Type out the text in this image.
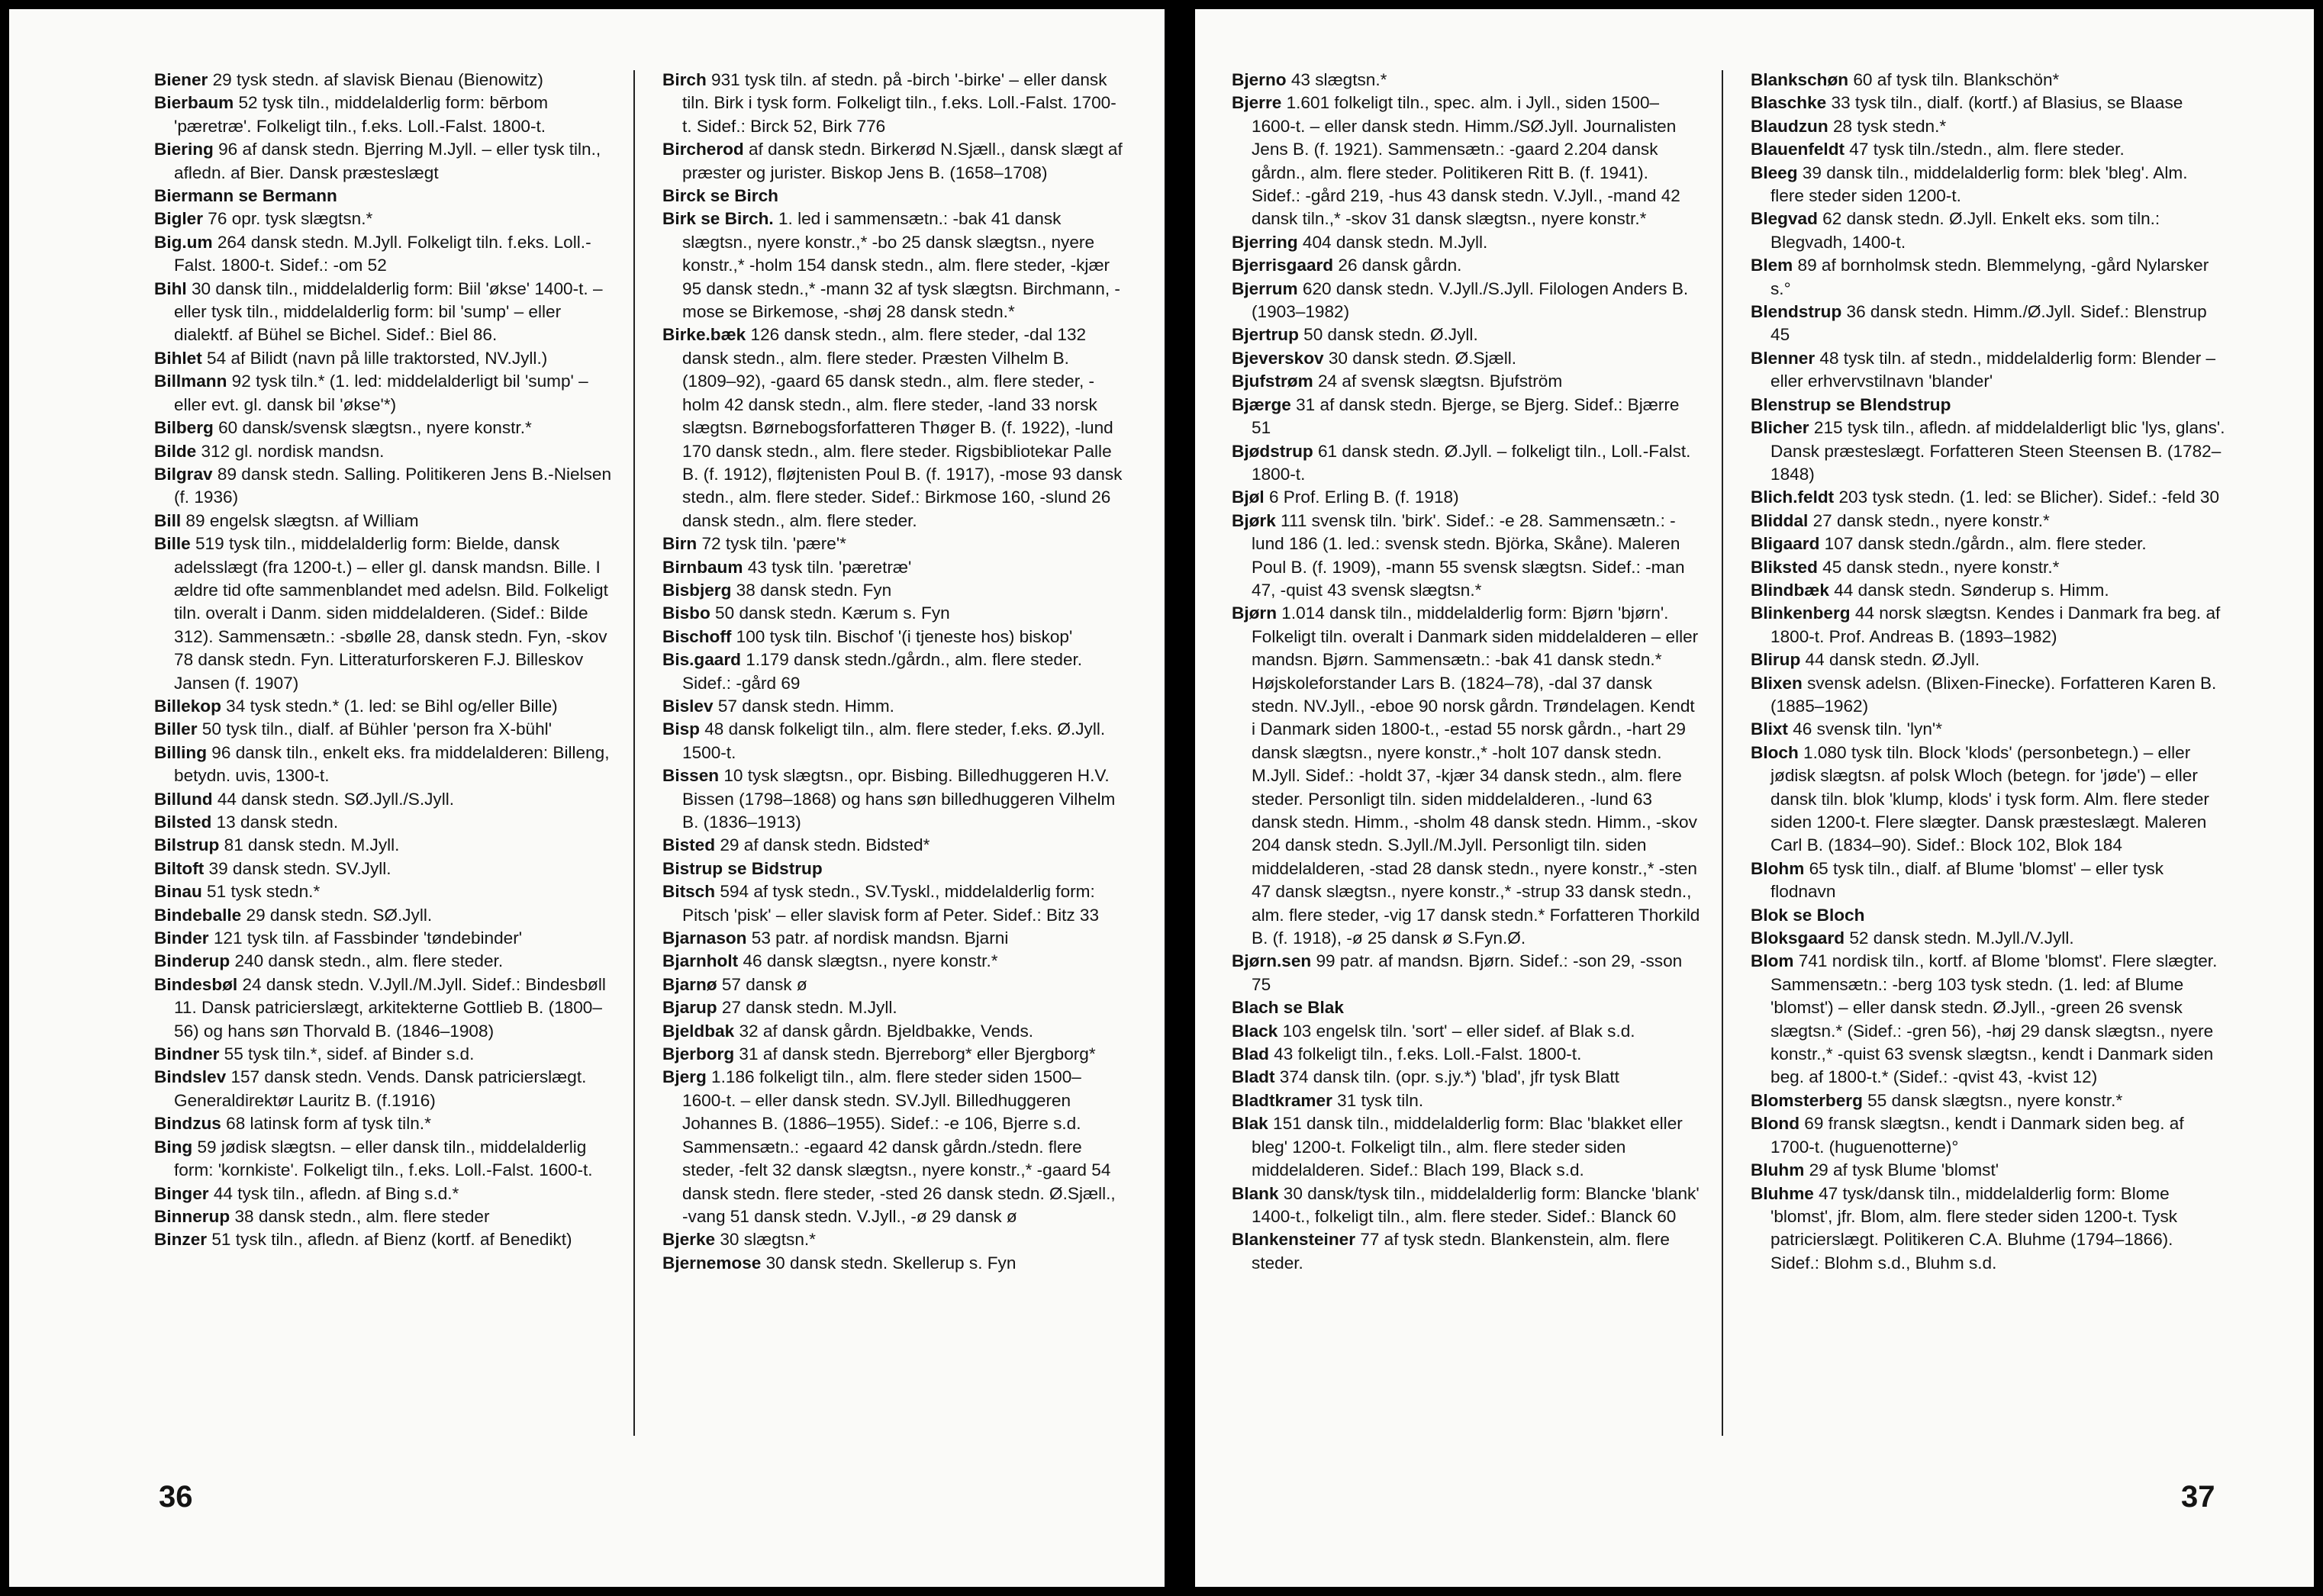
Biener 29 tysk stedn. af slavisk Bienau (Bienowitz)

Bierbaum 52 tysk tiln., middelalderlig form: bērbom 'pæretræ'. Folkeligt tiln., f.eks. Loll.-Falst. 1800-t.

Biering 96 af dansk stedn. Bjerring M.Jyll. – eller tysk tiln., afledn. af Bier. Dansk præsteslægt

Biermann se Bermann

Bigler 76 opr. tysk slægtsn.*

Big.um 264 dansk stedn. M.Jyll. Folkeligt tiln. f.eks. Loll.-Falst. 1800-t. Sidef.: -om 52

Bihl 30 dansk tiln., middelalderlig form: Biil 'økse' 1400-t. – eller tysk tiln., middelalderlig form: bil 'sump' – eller dialektf. af Bühel se Bichel. Sidef.: Biel 86.

Bihlet 54 af Bilidt (navn på lille traktorsted, NV.Jyll.)

Billmann 92 tysk tiln.* (1. led: middelalderligt bil 'sump' – eller evt. gl. dansk bil 'økse'*)

Bilberg 60 dansk/svensk slægtsn., nyere konstr.*

Bilde 312 gl. nordisk mandsn.

Bilgrav 89 dansk stedn. Salling. Politikeren Jens B.-Nielsen (f. 1936)

Bill 89 engelsk slægtsn. af William

Bille 519 tysk tiln., middelalderlig form: Bielde, dansk adelsslægt (fra 1200-t.) – eller gl. dansk mandsn. Bille. I ældre tid ofte sammenblandet med adelsn. Bild. Folkeligt tiln. overalt i Danm. siden middelalderen. (Sidef.: Bilde 312). Sammensætn.: -sbølle 28, dansk stedn. Fyn, -skov 78 dansk stedn. Fyn. Litteraturforskeren F.J. Billeskov Jansen (f. 1907)

Billekop 34 tysk stedn.* (1. led: se Bihl og/eller Bille)

Biller 50 tysk tiln., dialf. af Bühler 'person fra X-bühl'

Billing 96 dansk tiln., enkelt eks. fra middelalderen: Billeng, betydn. uvis, 1300-t.

Billund 44 dansk stedn. SØ.Jyll./S.Jyll.

Bilsted 13 dansk stedn.

Bilstrup 81 dansk stedn. M.Jyll.

Biltoft 39 dansk stedn. SV.Jyll.

Binau 51 tysk stedn.*

Bindeballe 29 dansk stedn. SØ.Jyll.

Binder 121 tysk tiln. af Fassbinder 'tøndebinder'

Binderup 240 dansk stedn., alm. flere steder.

Bindesbøl 24 dansk stedn. V.Jyll./M.Jyll. Sidef.: Bindesbøll 11. Dansk patricierslægt, arkitekterne Gottlieb B. (1800–56) og hans søn Thorvald B. (1846–1908)

Bindner 55 tysk tiln.*, sidef. af Binder s.d.

Bindslev 157 dansk stedn. Vends. Dansk patricierslægt. Generaldirektør Lauritz B. (f.1916)

Bindzus 68 latinsk form af tysk tiln.*

Bing 59 jødisk slægtsn. – eller dansk tiln., middelalderlig form: 'kornkiste'. Folkeligt tiln., f.eks. Loll.-Falst. 1600-t.

Binger 44 tysk tiln., afledn. af Bing s.d.*

Binnerup 38 dansk stedn., alm. flere steder

Binzer 51 tysk tiln., afledn. af Bienz (kortf. af Benedikt)

Birch 931 tysk tiln. af stedn. på -birch '-birke' – eller dansk tiln. Birk i tysk form. Folkeligt tiln., f.eks. Loll.-Falst. 1700-t. Sidef.: Birck 52, Birk 776

Bircherod af dansk stedn. Birkerød N.Sjæll., dansk slægt af præster og jurister. Biskop Jens B. (1658–1708)

Birck se Birch

Birk se Birch. 1. led i sammensætn.: -bak 41 dansk slægtsn., nyere konstr.,* -bo 25 dansk slægtsn., nyere konstr.,* -holm 154 dansk stedn., alm. flere steder, -kjær 95 dansk stedn.,* -mann 32 af tysk slægtsn. Birchmann, -mose se Birkemose, -shøj 28 dansk stedn.*

Birke.bæk 126 dansk stedn., alm. flere steder, -dal 132 dansk stedn., alm. flere steder. Præsten Vilhelm B. (1809–92), -gaard 65 dansk stedn., alm. flere steder, -holm 42 dansk stedn., alm. flere steder, -land 33 norsk slægtsn. Børnebogsforfatteren Thøger B. (f. 1922), -lund 170 dansk stedn., alm. flere steder. Rigsbibliotekar Palle B. (f. 1912), fløjtenisten Poul B. (f. 1917), -mose 93 dansk stedn., alm. flere steder. Sidef.: Birkmose 160, -slund 26 dansk stedn., alm. flere steder.

Birn 72 tysk tiln. 'pære'*

Birnbaum 43 tysk tiln. 'pæretræ'

Bisbjerg 38 dansk stedn. Fyn

Bisbo 50 dansk stedn. Kærum s. Fyn

Bischoff 100 tysk tiln. Bischof '(i tjeneste hos) biskop'

Bis.gaard 1.179 dansk stedn./gårdn., alm. flere steder. Sidef.: -gård 69

Bislev 57 dansk stedn. Himm.

Bisp 48 dansk folkeligt tiln., alm. flere steder, f.eks. Ø.Jyll. 1500-t.

Bissen 10 tysk slægtsn., opr. Bisbing. Billedhuggeren H.V. Bissen (1798–1868) og hans søn billedhuggeren Vilhelm B. (1836–1913)

Bisted 29 af dansk stedn. Bidsted*

Bistrup se Bidstrup

Bitsch 594 af tysk stedn., SV.Tyskl., middelalderlig form: Pitsch 'pisk' – eller slavisk form af Peter. Sidef.: Bitz 33

Bjarnason 53 patr. af nordisk mandsn. Bjarni

Bjarnholt 46 dansk slægtsn., nyere konstr.*

Bjarnø 57 dansk ø

Bjarup 27 dansk stedn. M.Jyll.

Bjeldbak 32 af dansk gårdn. Bjeldbakke, Vends.

Bjerborg 31 af dansk stedn. Bjerreborg* eller Bjergborg*

Bjerg 1.186 folkeligt tiln., alm. flere steder siden 1500–1600-t. – eller dansk stedn. SV.Jyll. Billedhuggeren Johannes B. (1886–1955). Sidef.: -e 106, Bjerre s.d. Sammensætn.: -egaard 42 dansk gårdn./stedn. flere steder, -felt 32 dansk slægtsn., nyere konstr.,* -gaard 54 dansk stedn. flere steder, -sted 26 dansk stedn. Ø.Sjæll., -vang 51 dansk stedn. V.Jyll., -ø 29 dansk ø

Bjerke 30 slægtsn.*

Bjernemose 30 dansk stedn. Skellerup s. Fyn

36

Bjerno 43 slægtsn.*

Bjerre 1.601 folkeligt tiln., spec. alm. i Jyll., siden 1500–1600-t. – eller dansk stedn. Himm./SØ.Jyll. Journalisten Jens B. (f. 1921). Sammensætn.: -gaard 2.204 dansk gårdn., alm. flere steder. Politikeren Ritt B. (f. 1941). Sidef.: -gård 219, -hus 43 dansk stedn. V.Jyll., -mand 42 dansk tiln.,* -skov 31 dansk slægtsn., nyere konstr.*

Bjerring 404 dansk stedn. M.Jyll.

Bjerrisgaard 26 dansk gårdn.

Bjerrum 620 dansk stedn. V.Jyll./S.Jyll. Filologen Anders B. (1903–1982)

Bjertrup 50 dansk stedn. Ø.Jyll.

Bjeverskov 30 dansk stedn. Ø.Sjæll.

Bjufstrøm 24 af svensk slægtsn. Bjufström

Bjærge 31 af dansk stedn. Bjerge, se Bjerg. Sidef.: Bjærre 51

Bjødstrup 61 dansk stedn. Ø.Jyll. – folkeligt tiln., Loll.-Falst. 1800-t.

Bjøl 6 Prof. Erling B. (f. 1918)

Bjørk 111 svensk tiln. 'birk'. Sidef.: -e 28. Sammensætn.: -lund 186 (1. led.: svensk stedn. Björka, Skåne). Maleren Poul B. (f. 1909), -mann 55 svensk slægtsn. Sidef.: -man 47, -quist 43 svensk slægtsn.*

Bjørn 1.014 dansk tiln., middelalderlig form: Bjørn 'bjørn'. Folkeligt tiln. overalt i Danmark siden middelalderen – eller mandsn. Bjørn. Sammensætn.: -bak 41 dansk stedn.* Højskoleforstander Lars B. (1824–78), -dal 37 dansk stedn. NV.Jyll., -eboe 90 norsk gårdn. Trøndelagen. Kendt i Danmark siden 1800-t., -estad 55 norsk gårdn., -hart 29 dansk slægtsn., nyere konstr.,* -holt 107 dansk stedn. M.Jyll. Sidef.: -holdt 37, -kjær 34 dansk stedn., alm. flere steder. Personligt tiln. siden middelalderen., -lund 63 dansk stedn. Himm., -sholm 48 dansk stedn. Himm., -skov 204 dansk stedn. S.Jyll./M.Jyll. Personligt tiln. siden middelalderen, -stad 28 dansk stedn., nyere konstr.,* -sten 47 dansk slægtsn., nyere konstr.,* -strup 33 dansk stedn., alm. flere steder, -vig 17 dansk stedn.* Forfatteren Thorkild B. (f. 1918), -ø 25 dansk ø S.Fyn.Ø.

Bjørn.sen 99 patr. af mandsn. Bjørn. Sidef.: -son 29, -sson 75

Blach se Blak

Black 103 engelsk tiln. 'sort' – eller sidef. af Blak s.d.

Blad 43 folkeligt tiln., f.eks. Loll.-Falst. 1800-t.

Bladt 374 dansk tiln. (opr. s.jy.*) 'blad', jfr tysk Blatt

Bladtkramer 31 tysk tiln.

Blak 151 dansk tiln., middelalderlig form: Blac 'blakket eller bleg' 1200-t. Folkeligt tiln., alm. flere steder siden middelalderen. Sidef.: Blach 199, Black s.d.

Blank 30 dansk/tysk tiln., middelalderlig form: Blancke 'blank' 1400-t., folkeligt tiln., alm. flere steder. Sidef.: Blanck 60

Blankensteiner 77 af tysk stedn. Blankenstein, alm. flere steder.

Blankschøn 60 af tysk tiln. Blankschön*

Blaschke 33 tysk tiln., dialf. (kortf.) af Blasius, se Blaase

Blaudzun 28 tysk stedn.*

Blauenfeldt 47 tysk tiln./stedn., alm. flere steder.

Bleeg 39 dansk tiln., middelalderlig form: blek 'bleg'. Alm. flere steder siden 1200-t.

Blegvad 62 dansk stedn. Ø.Jyll. Enkelt eks. som tiln.: Blegvadh, 1400-t.

Blem 89 af bornholmsk stedn. Blemmelyng, -gård Nylarsker s.°

Blendstrup 36 dansk stedn. Himm./Ø.Jyll. Sidef.: Blenstrup 45

Blenner 48 tysk tiln. af stedn., middelalderlig form: Blender – eller erhvervstilnavn 'blander'

Blenstrup se Blendstrup

Blicher 215 tysk tiln., afledn. af middelalderligt blic 'lys, glans'. Dansk præsteslægt. Forfatteren Steen Steensen B. (1782–1848)

Blich.feldt 203 tysk stedn. (1. led: se Blicher). Sidef.: -feld 30

Bliddal 27 dansk stedn., nyere konstr.*

Bligaard 107 dansk stedn./gårdn., alm. flere steder.

Bliksted 45 dansk stedn., nyere konstr.*

Blindbæk 44 dansk stedn. Sønderup s. Himm.

Blinkenberg 44 norsk slægtsn. Kendes i Danmark fra beg. af 1800-t. Prof. Andreas B. (1893–1982)

Blirup 44 dansk stedn. Ø.Jyll.

Blixen svensk adelsn. (Blixen-Finecke). Forfatteren Karen B. (1885–1962)

Blixt 46 svensk tiln. 'lyn'*

Bloch 1.080 tysk tiln. Block 'klods' (personbetegn.) – eller jødisk slægtsn. af polsk Wloch (betegn. for 'jøde') – eller dansk tiln. blok 'klump, klods' i tysk form. Alm. flere steder siden 1200-t. Flere slægter. Dansk præsteslægt. Maleren Carl B. (1834–90). Sidef.: Block 102, Blok 184

Blohm 65 tysk tiln., dialf. af Blume 'blomst' – eller tysk flodnavn

Blok se Bloch

Bloksgaard 52 dansk stedn. M.Jyll./V.Jyll.

Blom 741 nordisk tiln., kortf. af Blome 'blomst'. Flere slægter. Sammensætn.: -berg 103 tysk stedn. (1. led: af Blume 'blomst') – eller dansk stedn. Ø.Jyll., -green 26 svensk slægtsn.* (Sidef.: -gren 56), -høj 29 dansk slægtsn., nyere konstr.,* -quist 63 svensk slægtsn., kendt i Danmark siden beg. af 1800-t.* (Sidef.: -qvist 43, -kvist 12)

Blomsterberg 55 dansk slægtsn., nyere konstr.*

Blond 69 fransk slægtsn., kendt i Danmark siden beg. af 1700-t. (huguenotterne)°

Bluhm 29 af tysk Blume 'blomst'

Bluhme 47 tysk/dansk tiln., middelalderlig form: Blome 'blomst', jfr. Blom, alm. flere steder siden 1200-t. Tysk patricierslægt. Politikeren C.A. Bluhme (1794–1866). Sidef.: Blohm s.d., Bluhm s.d.

37
